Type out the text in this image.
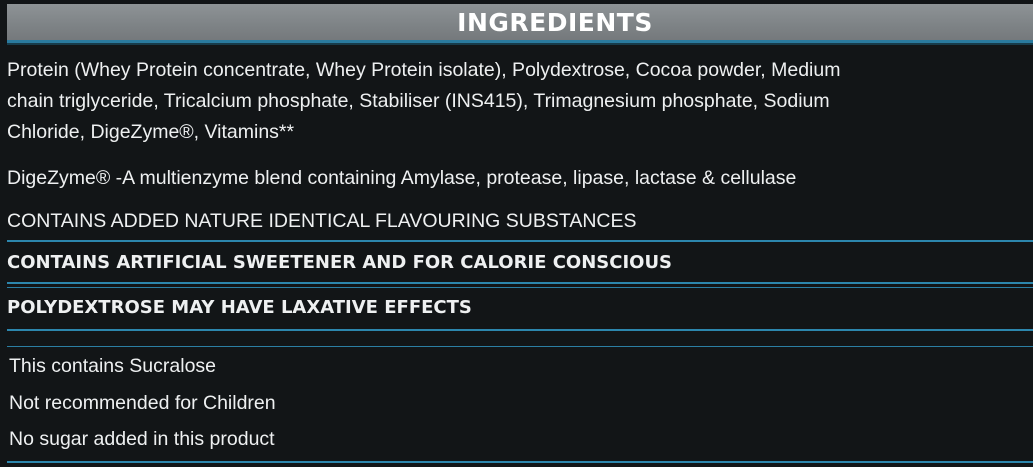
INGREDIENTS
Protein (Whey Protein concentrate, Whey Protein isolate), Polydextrose, Cocoa powder, Medium
chain triglyceride, Tricalcium phosphate, Stabiliser (INS415), Trimagnesium phosphate, Sodium
Chloride, DigeZyme®, Vitamins**
DigeZyme® -A multienzyme blend containing Amylase, protease, lipase, lactase & cellulase
CONTAINS ADDED NATURE IDENTICAL FLAVOURING SUBSTANCES
CONTAINS ARTIFICIAL SWEETENER AND FOR CALORIE CONSCIOUS
POLYDEXTROSE MAY HAVE LAXATIVE EFFECTS
This contains Sucralose
Not recommended for Children
No sugar added in this product
